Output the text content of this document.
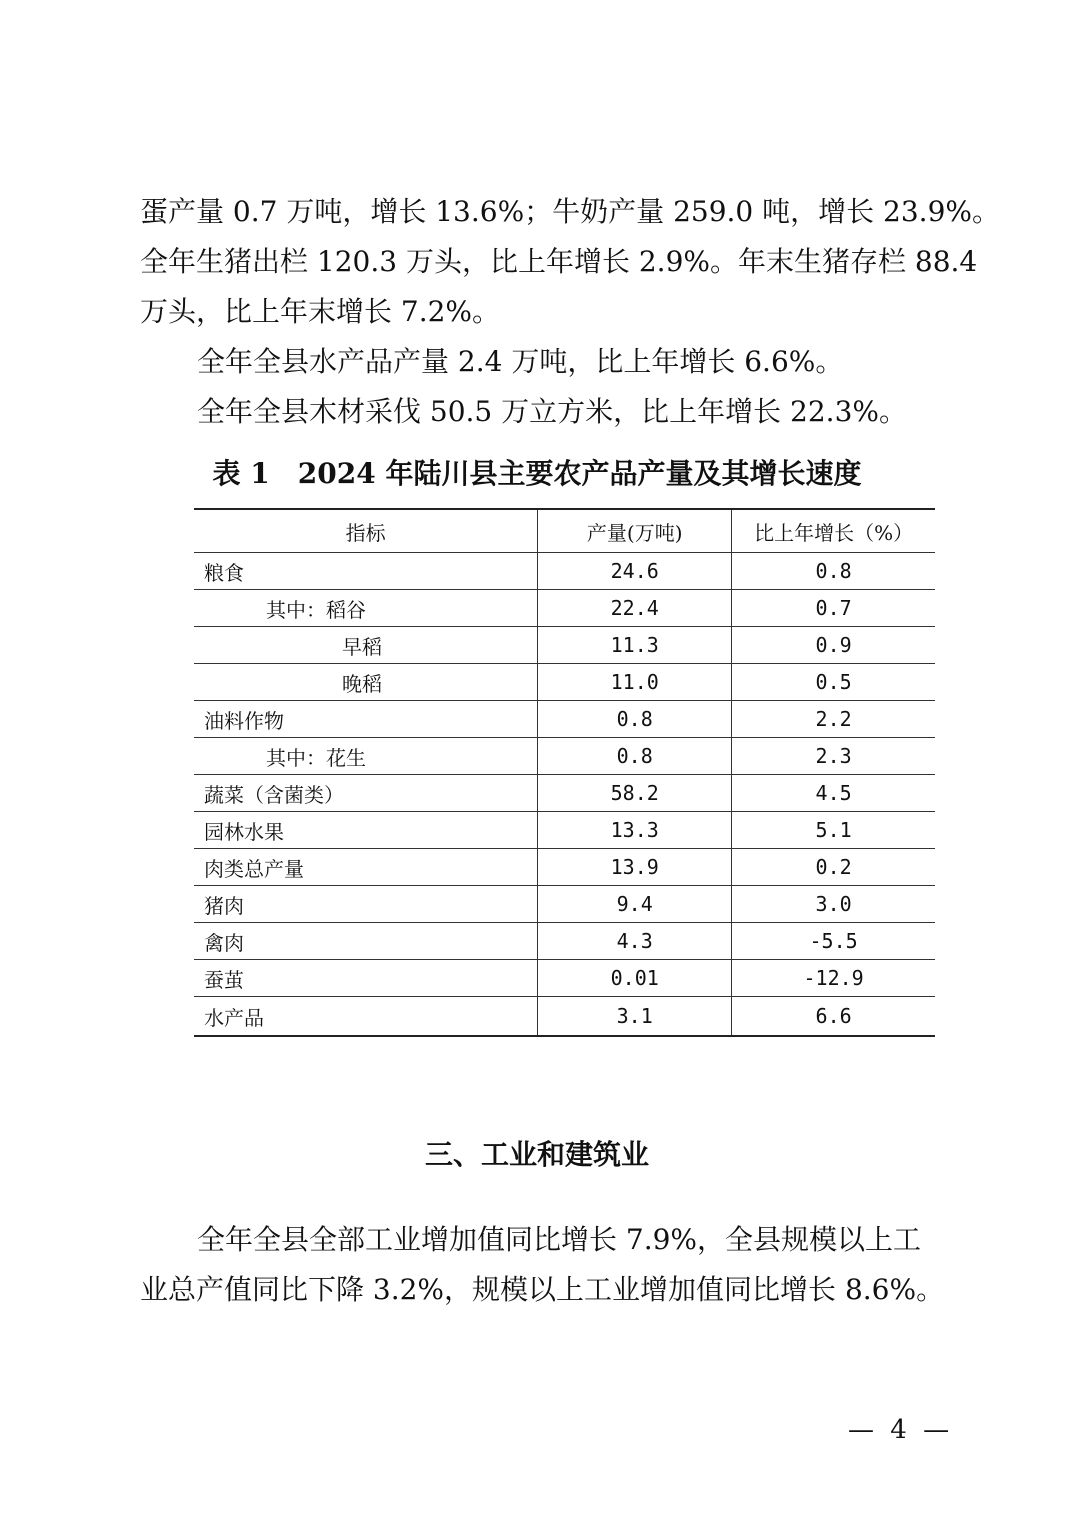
蛋产量 0.7 万吨，增长 13.6%；牛奶产量 259.0 吨，增长 23.9%。
全年生猪出栏 120.3 万头，比上年增长 2.9%。年末生猪存栏 88.4
万头，比上年末增长 7.2%。
全年全县水产品产量 2.4 万吨，比上年增长 6.6%。
全年全县木材采伐 50.5 万立方米，比上年增长 22.3%。
表 1　2024 年陆川县主要农产品产量及其增长速度
指标	产量(万吨)	比上年增长（%）
粮食	24.6	0.8
其中：稻谷	22.4	0.7
早稻	11.3	0.9
晚稻	11.0	0.5
油料作物	0.8	2.2
其中：花生	0.8	2.3
蔬菜（含菌类）	58.2	4.5
园林水果	13.3	5.1
肉类总产量	13.9	0.2
猪肉	9.4	3.0
禽肉	4.3	-5.5
蚕茧	0.01	-12.9
水产品	3.1	6.6
三、工业和建筑业
全年全县全部工业增加值同比增长 7.9%，全县规模以上工
业总产值同比下降 3.2%，规模以上工业增加值同比增长 8.6%。
— 4 —
